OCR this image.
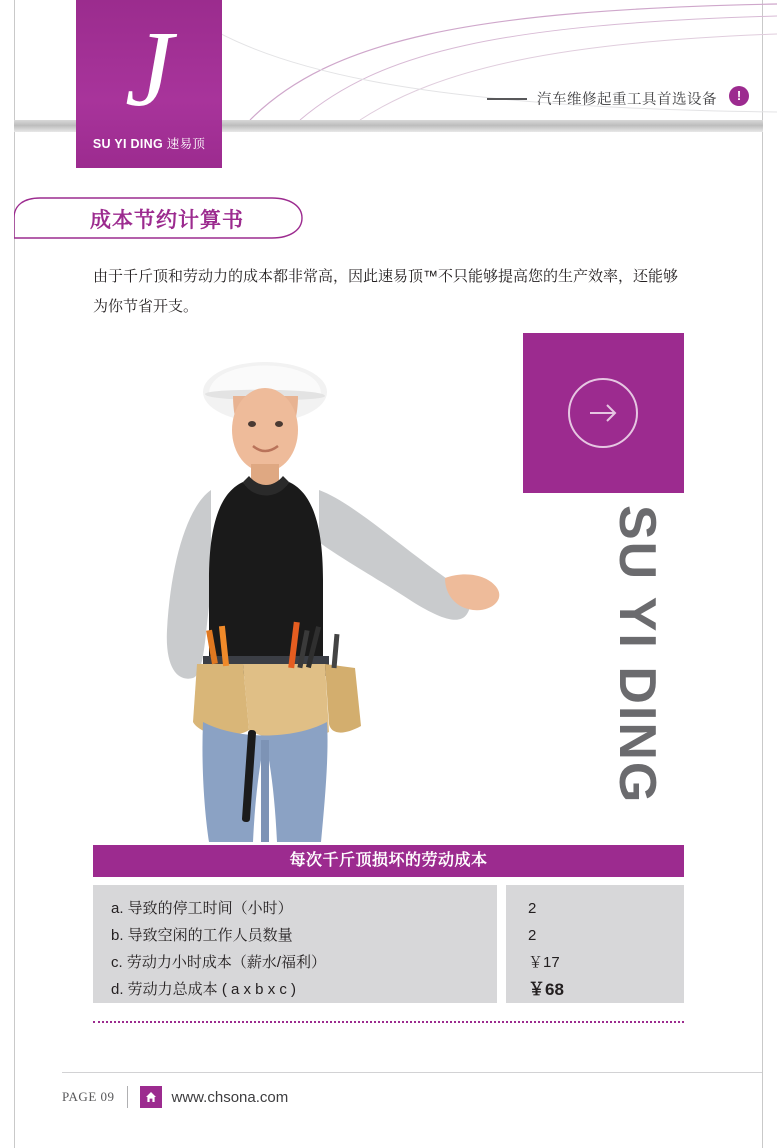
J
SU YI DING 速易顶
汽车维修起重工具首选设备	!
成本节约计算书
由于千斤顶和劳动力的成本都非常高，因此速易顶™不只能够提高您的生产效率，还能够为你节省开支。
SU YI DING
每次千斤顶损坏的劳动成本
a. 导致的停工时间（小时）
b. 导致空闲的工作人员数量
c. 劳动力小时成本（薪水/福利）
d. 劳动力总成本 ( a x b x c )
2
2
￥17
￥68
PAGE 09	www.chsona.com
